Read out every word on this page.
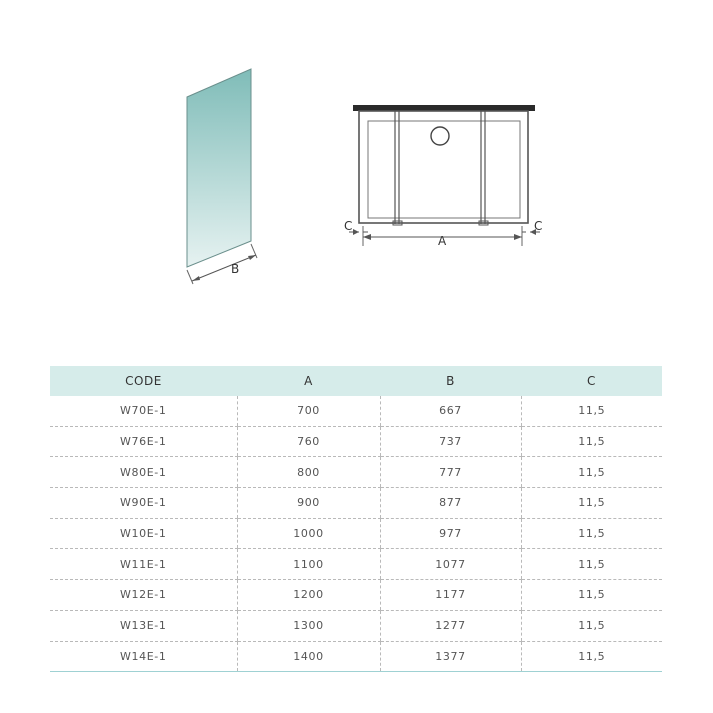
B
A
C	C
CODE	A	B	C
W70E-1	700	667	11,5
W76E-1	760	737	11,5
W80E-1	800	777	11,5
W90E-1	900	877	11,5
W10E-1	1000	977	11,5
W11E-1	1100	1077	11,5
W12E-1	1200	1177	11,5
W13E-1	1300	1277	11,5
W14E-1	1400	1377	11,5
